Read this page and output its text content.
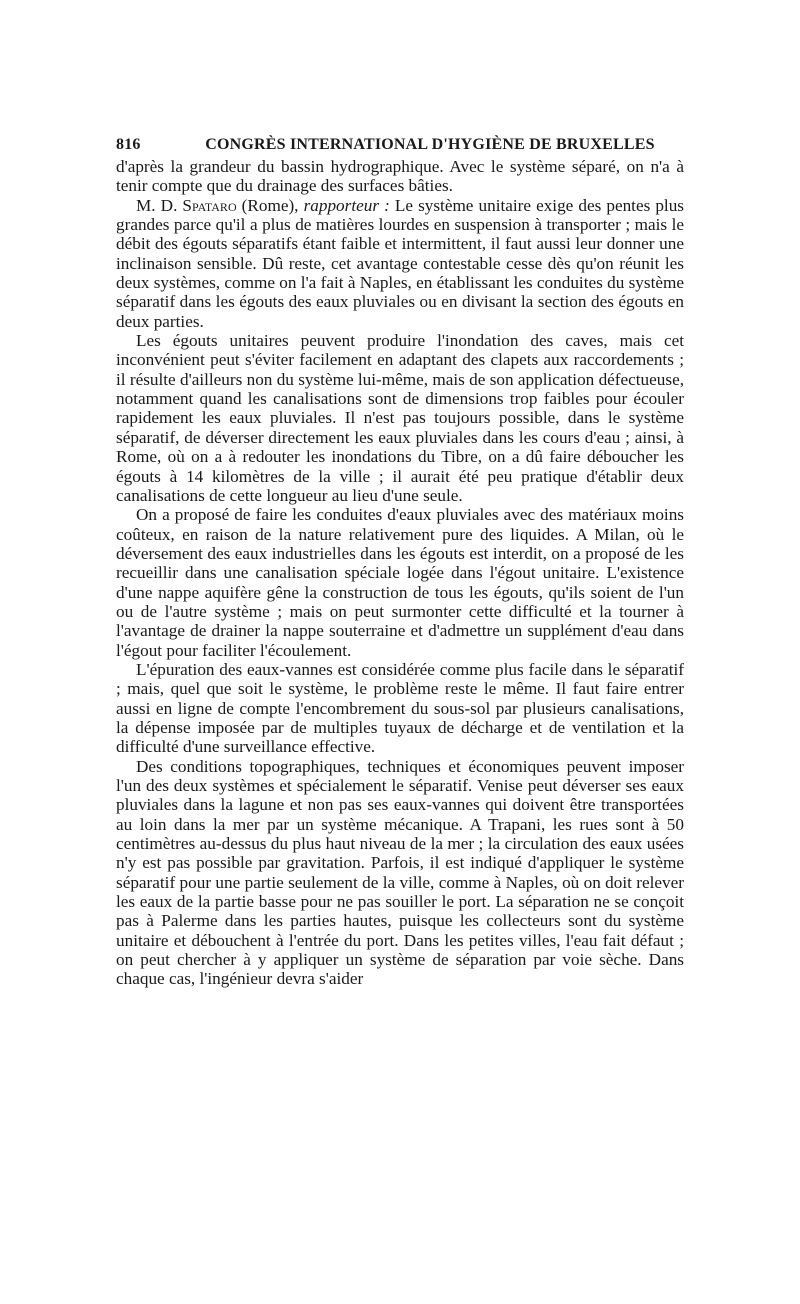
816	CONGRÈS INTERNATIONAL D'HYGIÈNE DE BRUXELLES

d'après la grandeur du bassin hydrographique. Avec le système séparé, on n'a à tenir compte que du drainage des surfaces bâties.

M. D. Spataro (Rome), rapporteur : Le système unitaire exige des pentes plus grandes parce qu'il a plus de matières lourdes en suspension à transporter ; mais le débit des égouts séparatifs étant faible et intermittent, il faut aussi leur donner une inclinaison sensible. Dû reste, cet avantage contestable cesse dès qu'on réunit les deux systèmes, comme on l'a fait à Naples, en établissant les conduites du système séparatif dans les égouts des eaux pluviales ou en divisant la section des égouts en deux parties.

Les égouts unitaires peuvent produire l'inondation des caves, mais cet inconvénient peut s'éviter facilement en adaptant des clapets aux raccordements ; il résulte d'ailleurs non du système lui-même, mais de son application défectueuse, notamment quand les canalisations sont de dimensions trop faibles pour écouler rapidement les eaux pluviales. Il n'est pas toujours possible, dans le système séparatif, de déverser directement les eaux pluviales dans les cours d'eau ; ainsi, à Rome, où on a à redouter les inondations du Tibre, on a dû faire déboucher les égouts à 14 kilomètres de la ville ; il aurait été peu pratique d'établir deux canalisations de cette longueur au lieu d'une seule.

On a proposé de faire les conduites d'eaux pluviales avec des matériaux moins coûteux, en raison de la nature relativement pure des liquides. A Milan, où le déversement des eaux industrielles dans les égouts est interdit, on a proposé de les recueillir dans une canalisation spéciale logée dans l'égout unitaire. L'existence d'une nappe aquifère gêne la construction de tous les égouts, qu'ils soient de l'un ou de l'autre système ; mais on peut surmonter cette difficulté et la tourner à l'avantage de drainer la nappe souterraine et d'admettre un supplément d'eau dans l'égout pour faciliter l'écoulement.

L'épuration des eaux-vannes est considérée comme plus facile dans le séparatif ; mais, quel que soit le système, le problème reste le même. Il faut faire entrer aussi en ligne de compte l'encombrement du sous-sol par plusieurs canalisations, la dépense imposée par de multiples tuyaux de décharge et de ventilation et la difficulté d'une surveillance effective.

Des conditions topographiques, techniques et économiques peuvent imposer l'un des deux systèmes et spécialement le séparatif. Venise peut déverser ses eaux pluviales dans la lagune et non pas ses eaux-vannes qui doivent être transportées au loin dans la mer par un système mécanique. A Trapani, les rues sont à 50 centimètres au-dessus du plus haut niveau de la mer ; la circulation des eaux usées n'y est pas possible par gravitation. Parfois, il est indiqué d'appliquer le système séparatif pour une partie seulement de la ville, comme à Naples, où on doit relever les eaux de la partie basse pour ne pas souiller le port. La séparation ne se conçoit pas à Palerme dans les parties hautes, puisque les collecteurs sont du système unitaire et débouchent à l'entrée du port. Dans les petites villes, l'eau fait défaut ; on peut chercher à y appliquer un système de séparation par voie sèche. Dans chaque cas, l'ingénieur devra s'aider
